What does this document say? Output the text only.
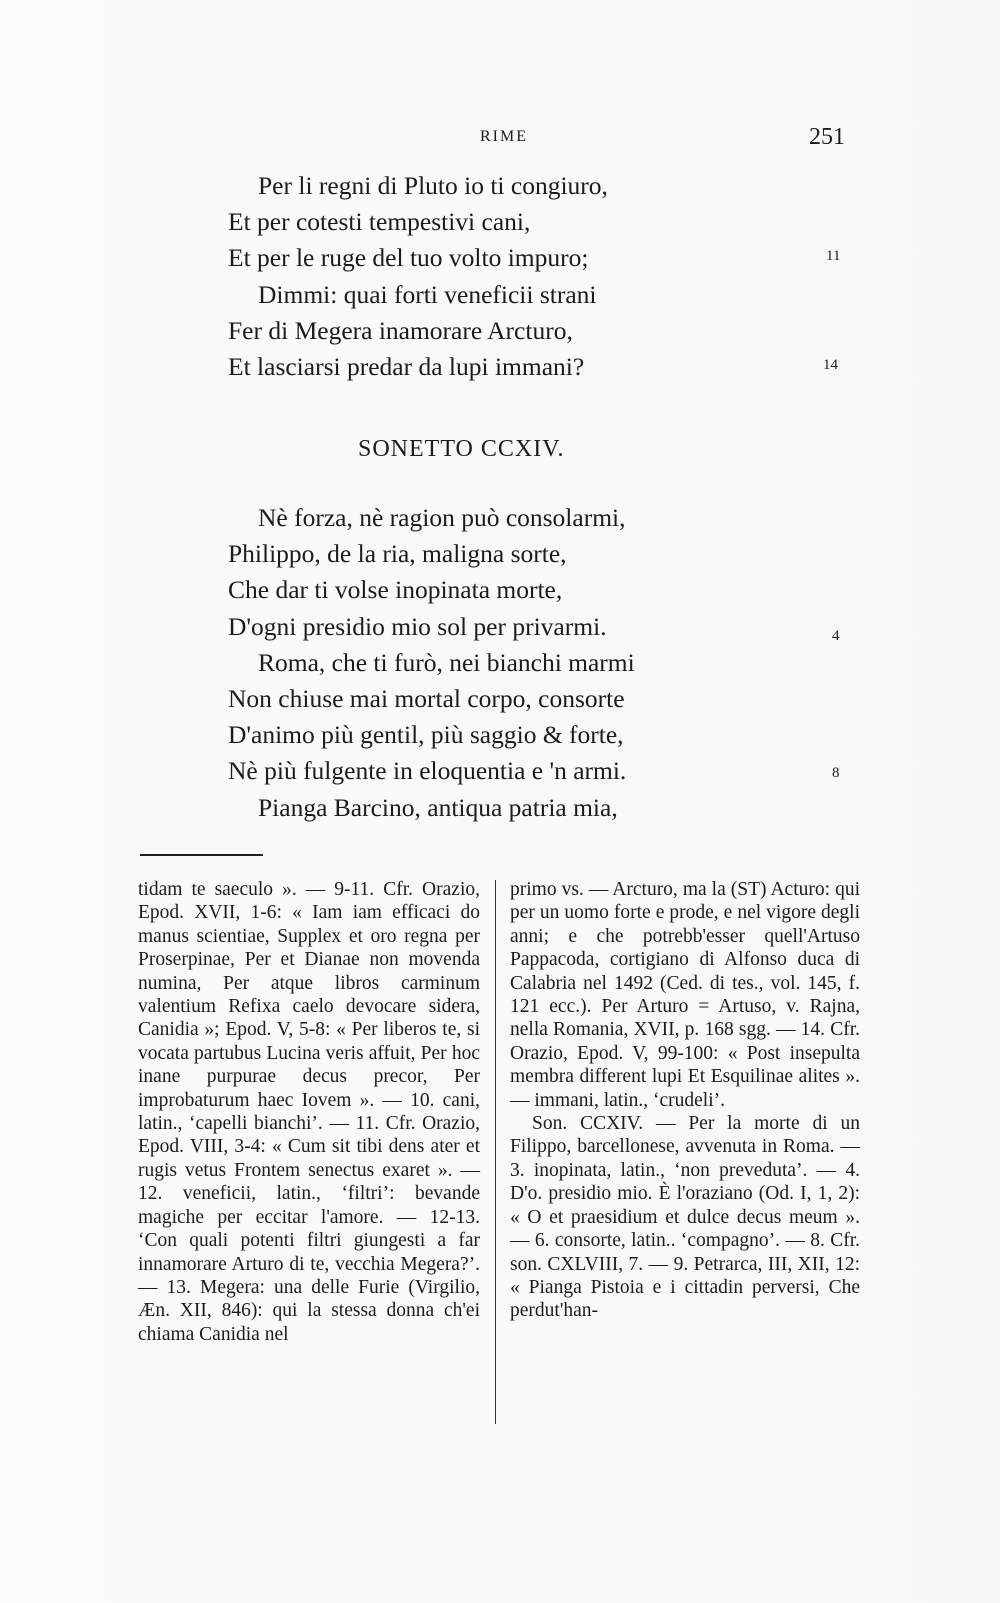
RIME	251
Per li regni di Pluto io ti congiuro,
Et per cotesti tempestivi cani,
Et per le ruge del tuo volto impuro;
Dimmi: quai forti veneficii strani
Fer di Megera inamorare Arcturo,
Et lasciarsi predar da lupi immani?
11
14
SONETTO CCXIV.
Nè forza, nè ragion può consolarmi,
Philippo, de la ria, maligna sorte,
Che dar ti volse inopinata morte,
D'ogni presidio mio sol per privarmi.
Roma, che ti furò, nei bianchi marmi
Non chiuse mai mortal corpo, consorte
D'animo più gentil, più saggio & forte,
Nè più fulgente in eloquentia e 'n armi.
Pianga Barcino, antiqua patria mia,
4
8

tidam te saeculo ». — 9-11. Cfr. Orazio, Epod. XVII, 1-6: « Iam iam efficaci do manus scientiae, Supplex et oro regna per Proserpinae, Per et Dianae non movenda numina, Per atque libros carminum valentium Refixa caelo devocare sidera, Canidia »; Epod. V, 5-8: « Per liberos te, si vocata partubus Lucina veris affuit, Per hoc inane purpurae decus precor, Per improbaturum haec Iovem ». — 10. cani, latin., ‘capelli bianchi’. — 11. Cfr. Orazio, Epod. VIII, 3-4: « Cum sit tibi dens ater et rugis vetus Frontem senectus exaret ». — 12. veneficii, latin., ‘filtri’: bevande magiche per eccitar l'amore. — 12-13. ‘Con quali potenti filtri giungesti a far innamorare Arturo di te, vecchia Megera?’. — 13. Megera: una delle Furie (Virgilio, Æn. XII, 846): qui la stessa donna ch'ei chiama Canidia nel

primo vs. — Arcturo, ma la (ST) Acturo: qui per un uomo forte e prode, e nel vigore degli anni; e che potrebb'esser quell'Artuso Pappacoda, cortigiano di Alfonso duca di Calabria nel 1492 (Ced. di tes., vol. 145, f. 121 ecc.). Per Arturo = Artuso, v. Rajna, nella Romania, XVII, p. 168 sgg. — 14. Cfr. Orazio, Epod. V, 99-100: « Post insepulta membra different lupi Et Esquilinae alites ». — immani, latin., ‘crudeli’.

Son. CCXIV. — Per la morte di un Filippo, barcellonese, avvenuta in Roma. — 3. inopinata, latin., ‘non preveduta’. — 4. D'o. presidio mio. È l'oraziano (Od. I, 1, 2): « O et praesidium et dulce decus meum ». — 6. consorte, latin.. ‘compagno’. — 8. Cfr. son. CXLVIII, 7. — 9. Petrarca, III, XII, 12: « Pianga Pistoia e i cittadin perversi, Che perdut'han-
